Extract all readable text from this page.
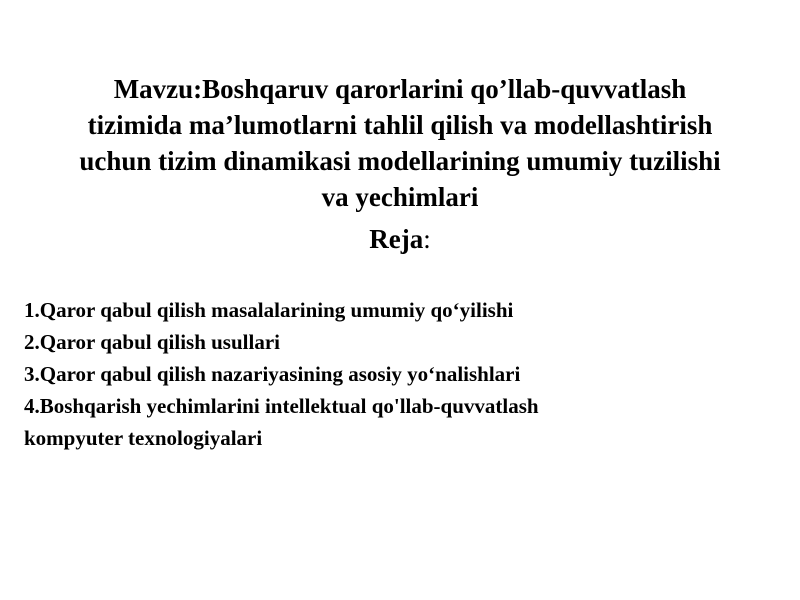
Mavzu:Boshqaruv qarorlarini qo’llab-quvvatlash
tizimida ma’lumotlarni tahlil qilish va modellashtirish
uchun tizim dinamikasi modellarining umumiy tuzilishi
va yechimlari
Reja:
1.Qaror qabul qilish masalalarining umumiy qo‘yilishi
2.Qaror qabul qilish usullari
3.Qaror qabul qilish nazariyasining asosiy yo‘nalishlari
4.Boshqarish yechimlarini intellektual qo'llab-quvvatlash
kompyuter texnologiyalari
